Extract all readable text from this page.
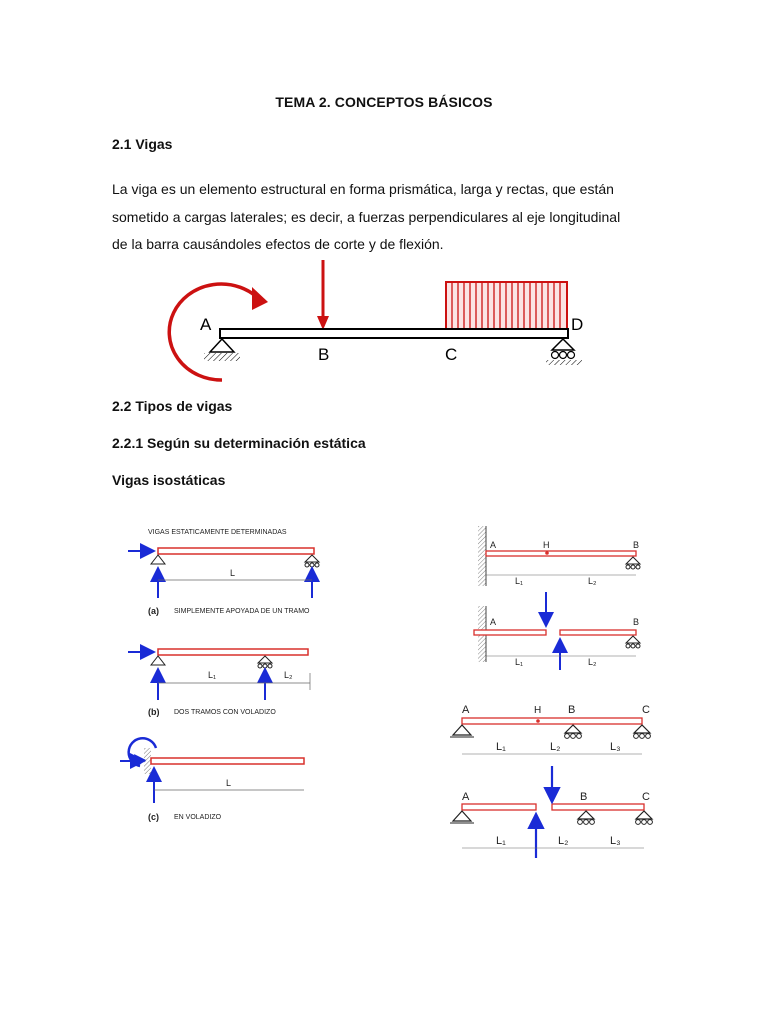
TEMA 2. CONCEPTOS BÁSICOS
2.1 Vigas
La viga es un elemento estructural en forma prismática, larga y rectas, que están
sometido a cargas laterales; es decir, a fuerzas perpendiculares al eje longitudinal
de la barra causándoles efectos de corte y de flexión.
A
B	C
D
2.2 Tipos de vigas
2.2.1 Según su determinación estática
Vigas isostáticas
VIGAS ESTATICAMENTE DETERMINADAS
L
(a) SIMPLEMENTE APOYADA DE UN TRAMO
L₁	L₂
(b) DOS TRAMOS CON VOLADIZO
L
(c) EN VOLADIZO
A	H	B
L₁	L₂
A	B
L₁	L₂
A	H B	C
L₁	L₂	L₃
A	B	C
L₁	L₂	L₃
